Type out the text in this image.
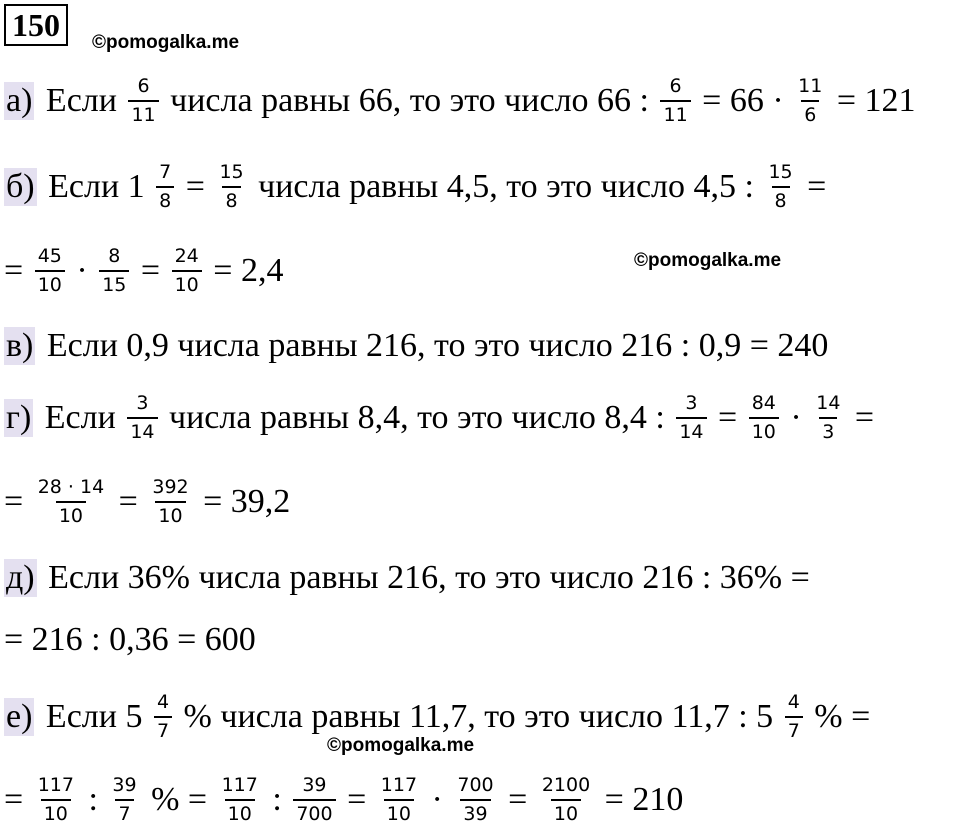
150	©pomogalka.me
©pomogalka.me
©pomogalka.me
а) Если $\frac{6}{11}$ числа равны 66, то это число 66 : $\frac{6}{11} = 66 \cdot \frac{11}{6} = 121$
б) Если $1 \frac{7}{8} = \frac{15}{8}$ числа равны 4,5, то это число 4,5 : $\frac{15}{8}$ =
= $\frac{45}{10} \cdot \frac{8}{15} = \frac{24}{10} = 2,4$
в) Если 0,9 числа равны 216, то это число 216 : 0,9 = 240
г) Если $\frac{3}{14}$ числа равны 8,4, то это число 8,4 : $\frac{3}{14} = \frac{84}{10} \cdot \frac{14}{3}$ =
= $\frac{28 \cdot 14}{10} = \frac{392}{10} = 39,2$
д) Если 36% числа равны 216, то это число 216 : 36% =
= 216 : 0,36 = 600
е) Если $5 \frac{4}{7}$ % числа равны 11,7, то это число 11,7 : $5 \frac{4}{7}$ % =
= $\frac{117}{10}$ : $\frac{39}{7}$ % = $\frac{117}{10}$ : $\frac{39}{700} = \frac{117}{10} \cdot \frac{700}{39} = \frac{2100}{10} = 210$
